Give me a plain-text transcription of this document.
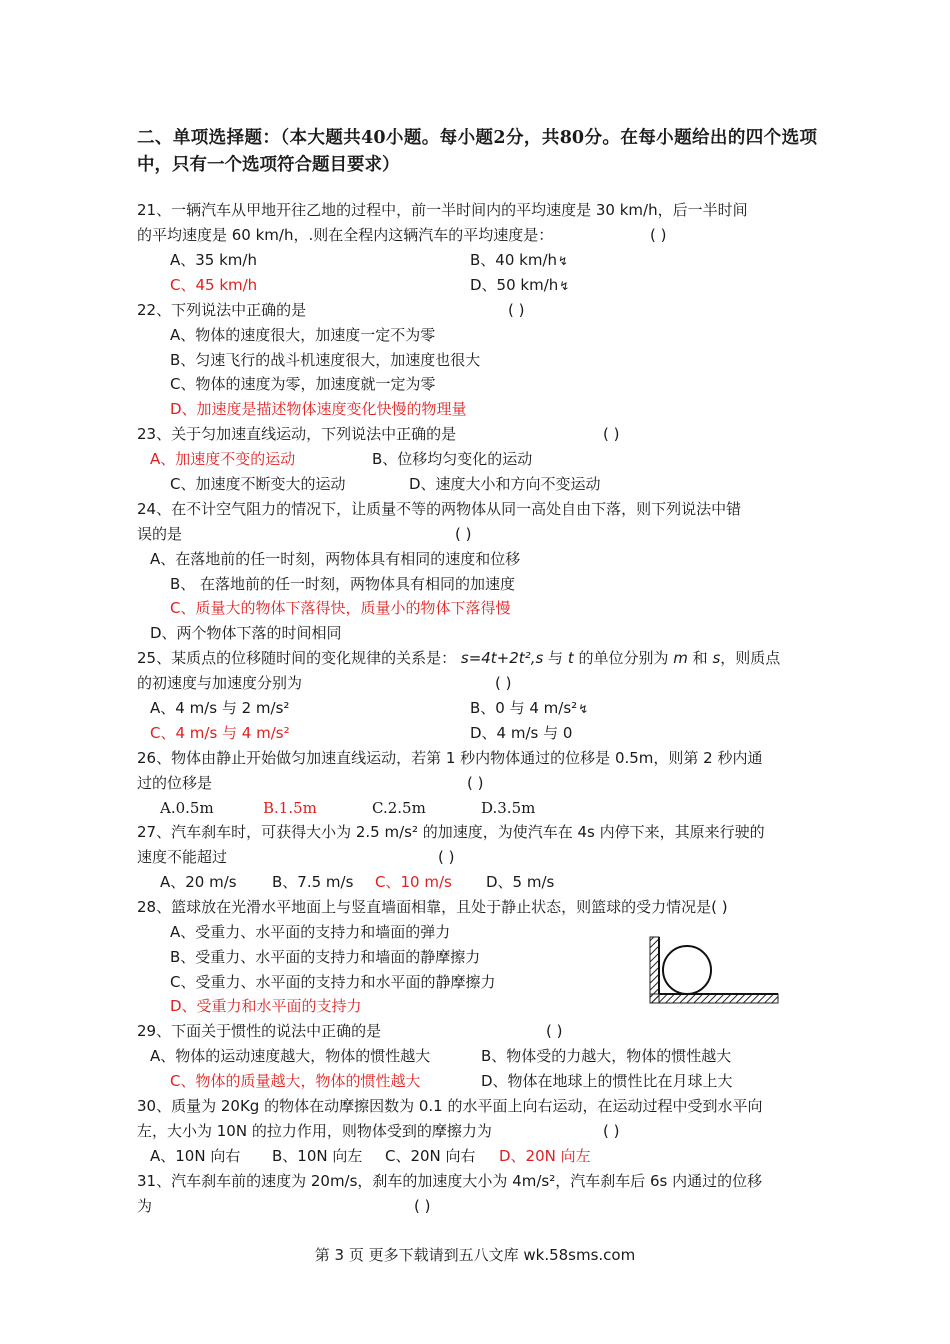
二、单项选择题：（本大题共40小题。每小题2分，共80分。在每小题给出的四个选项中，只有一个选项符合题目要求）
21、一辆汽车从甲地开往乙地的过程中，前一半时间内的平均速度是 30 km/h，后一半时间
的平均速度是 60 km/h，.则在全程内这辆汽车的平均速度是：	( )
A、35 km/h	B、40 km/h↯
C、45 km/h	D、50 km/h↯
22、下列说法中正确的是	( )
A、物体的速度很大，加速度一定不为零
B、匀速飞行的战斗机速度很大，加速度也很大
C、物体的速度为零，加速度就一定为零
D、加速度是描述物体速度变化快慢的物理量
23、关于匀加速直线运动，下列说法中正确的是	( )
A、加速度不变的运动	B、位移均匀变化的运动
C、加速度不断变大的运动	D、速度大小和方向不变运动
24、在不计空气阻力的情况下，让质量不等的两物体从同一高处自由下落，则下列说法中错
误的是	( )
A、在落地前的任一时刻，两物体具有相同的速度和位移
B、 在落地前的任一时刻，两物体具有相同的加速度
C、质量大的物体下落得快，质量小的物体下落得慢
D、两个物体下落的时间相同
25、某质点的位移随时间的变化规律的关系是： s=4t+2t²,s 与 t 的单位分别为 m 和 s，则质点
的初速度与加速度分别为	( )
A、4 m/s 与 2 m/s²	B、0 与 4 m/s²↯
C、4 m/s 与 4 m/s²	D、4 m/s 与 0
26、物体由静止开始做匀加速直线运动，若第 1 秒内物体通过的位移是 0.5m，则第 2 秒内通
过的位移是	( )
A.0.5m	B.1.5m	C.2.5m	D.3.5m
27、汽车刹车时，可获得大小为 2.5 m/s² 的加速度，为使汽车在 4s 内停下来，其原来行驶的
速度不能超过	( )
A、20 m/s B、7.5 m/s C、10 m/s D、5 m/s
28、篮球放在光滑水平地面上与竖直墙面相靠，且处于静止状态，则篮球的受力情况是( )
A、受重力、水平面的支持力和墙面的弹力
B、受重力、水平面的支持力和墙面的静摩擦力
C、受重力、水平面的支持力和水平面的静摩擦力
D、受重力和水平面的支持力
29、下面关于惯性的说法中正确的是	( )
A、物体的运动速度越大，物体的惯性越大	B、物体受的力越大，物体的惯性越大
C、物体的质量越大，物体的惯性越大	D、物体在地球上的惯性比在月球上大
30、质量为 20Kg 的物体在动摩擦因数为 0.1 的水平面上向右运动，在运动过程中受到水平向
左，大小为 10N 的拉力作用，则物体受到的摩擦力为	( )
A、10N 向右 B、10N 向左 C、20N 向右 D、20N 向左
31、汽车刹车前的速度为 20m/s，刹车的加速度大小为 4m/s²，汽车刹车后 6s 内通过的位移
为	( )
第 3 页 更多下载请到五八文库 wk.58sms.com
